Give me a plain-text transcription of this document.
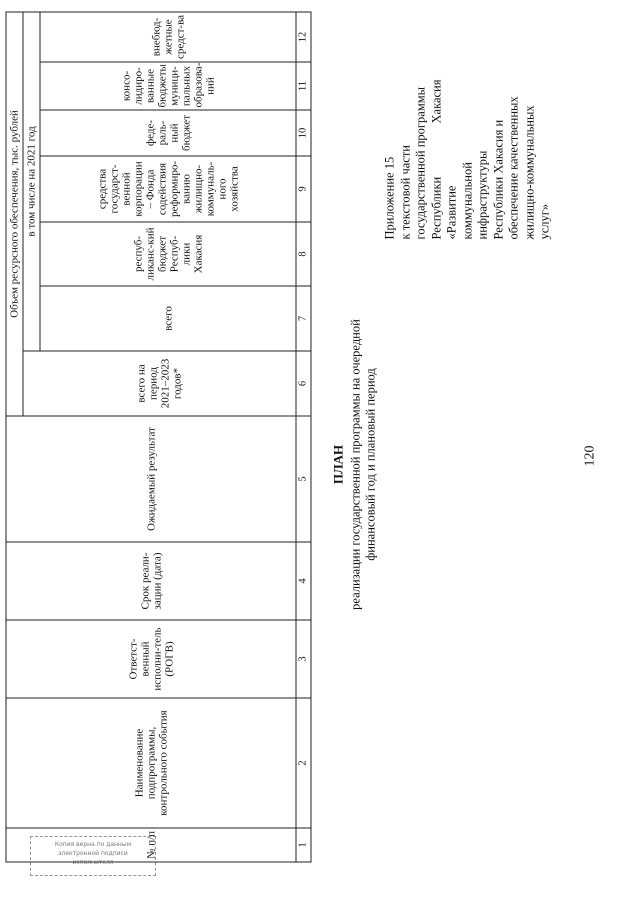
120
Приложение 15 к текстовой части государственной программы Республики Хакасия «Развитие коммунальной инфраструктуры Республики Хакасия и обеспечение качественных жилищно-коммунальных услуг»
ПЛАН реализации государственной программы на очередной финансовый год и плановый период
№ п/п	Наименование подпрограммы, контрольного события	Ответст-венный исполни-тель (РОГВ)	Срок реали-зации (дата)	Ожидаемый результат	Объем ресурсного обеспечения, тыс. рублей						
					всего на период 2021–2023 годов*	в том числе на 2021 год					
						всего	респуб-ликанс-кий бюджет Респуб-лики Хакасия	средства государст-венной корпорации – Фонда содействия реформиро-ванию жилищно-коммуналь-ного хозяйства	феде-раль-ный бюджет	консо-лидиро-ванные бюджеты муници-пальных образова-ний	внебюд-жетные средст-ва
1	2	3	4	5	6	7	8	9	10	11	12
Копия верна по данным
электронной подписи
исполнителя
